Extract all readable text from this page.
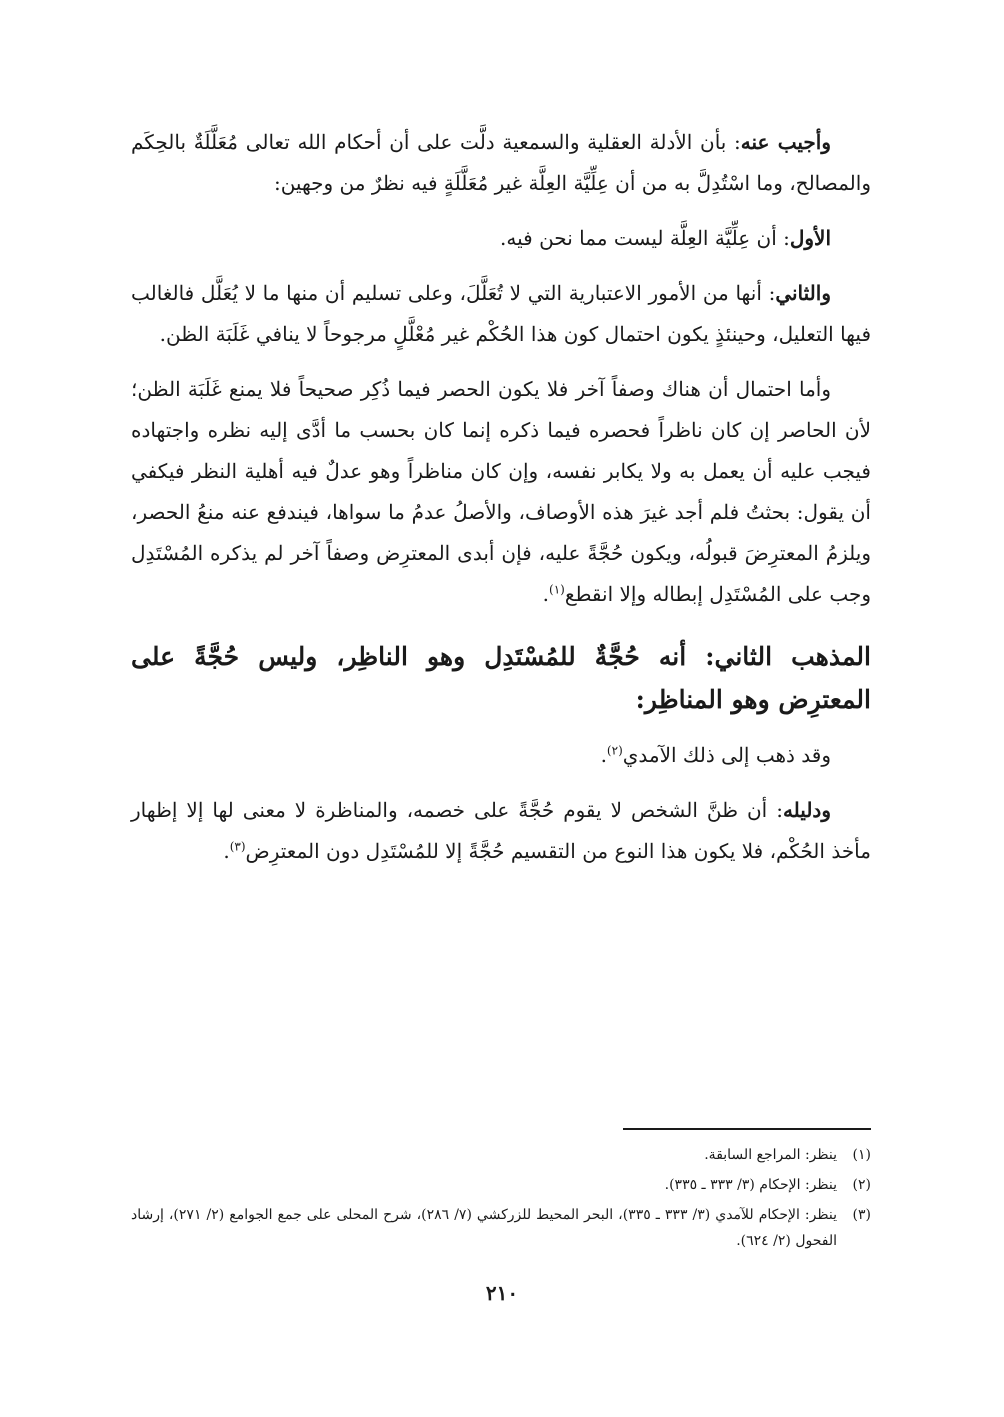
وأجيب عنه: بأن الأدلة العقلية والسمعية دلَّت على أن أحكام الله تعالى مُعَلَّلَةٌ بالحِكَم والمصالح، وما اسْتُدِلَّ به من أن عِلِّيَّة العِلَّة غير مُعَلَّلَةٍ فيه نظرٌ من وجهين:

الأول: أن عِلِّيَّة العِلَّة ليست مما نحن فيه.

والثاني: أنها من الأمور الاعتبارية التي لا تُعَلَّلَ، وعلى تسليم أن منها ما لا يُعَلَّل فالغالب فيها التعليل، وحينئذٍ يكون احتمال كون هذا الحُكْم غير مُعْلَّلٍ مرجوحاً لا ينافي غَلَبَة الظن.

وأما احتمال أن هناك وصفاً آخر فلا يكون الحصر فيما ذُكِر صحيحاً فلا يمنع غَلَبَة الظن؛ لأن الحاصر إن كان ناظراً فحصره فيما ذكره إنما كان بحسب ما أدَّى إليه نظره واجتهاده فيجب عليه أن يعمل به ولا يكابر نفسه، وإن كان مناظراً وهو عدلٌ فيه أهلية النظر فيكفي أن يقول: بحثتُ فلم أجد غيرَ هذه الأوصاف، والأصلُ عدمُ ما سواها، فيندفع عنه منعُ الحصر، ويلزمُ المعترِضَ قبولُه، ويكون حُجَّةً عليه، فإن أبدى المعترِض وصفاً آخر لم يذكره المُسْتَدِل وجب على المُسْتَدِل إبطاله وإلا انقطع$^{(١)}$.

المذهب الثاني: أنه حُجَّةٌ للمُسْتَدِل وهو الناظِر، وليس حُجَّةً على المعترِض وهو المناظِر:

وقد ذهب إلى ذلك الآمدي$^{(٢)}$.

ودليله: أن ظنَّ الشخص لا يقوم حُجَّةً على خصمه، والمناظرة لا معنى لها إلا إظهار مأخذ الحُكْم، فلا يكون هذا النوع من التقسيم حُجَّةً إلا للمُسْتَدِل دون المعترِض$^{(٣)}$.

(١)
ينظر: المراجع السابقة.
(٢)
ينظر: الإحكام (٣/ ٣٣٣ ـ ٣٣٥).
(٣)
ينظر: الإحكام للآمدي (٣/ ٣٣٣ ـ ٣٣٥)، البحر المحيط للزركشي (٧/ ٢٨٦)، شرح المحلى على جمع الجوامع (٢/ ٢٧١)، إرشاد الفحول (٢/ ٦٢٤).
٢١٠
